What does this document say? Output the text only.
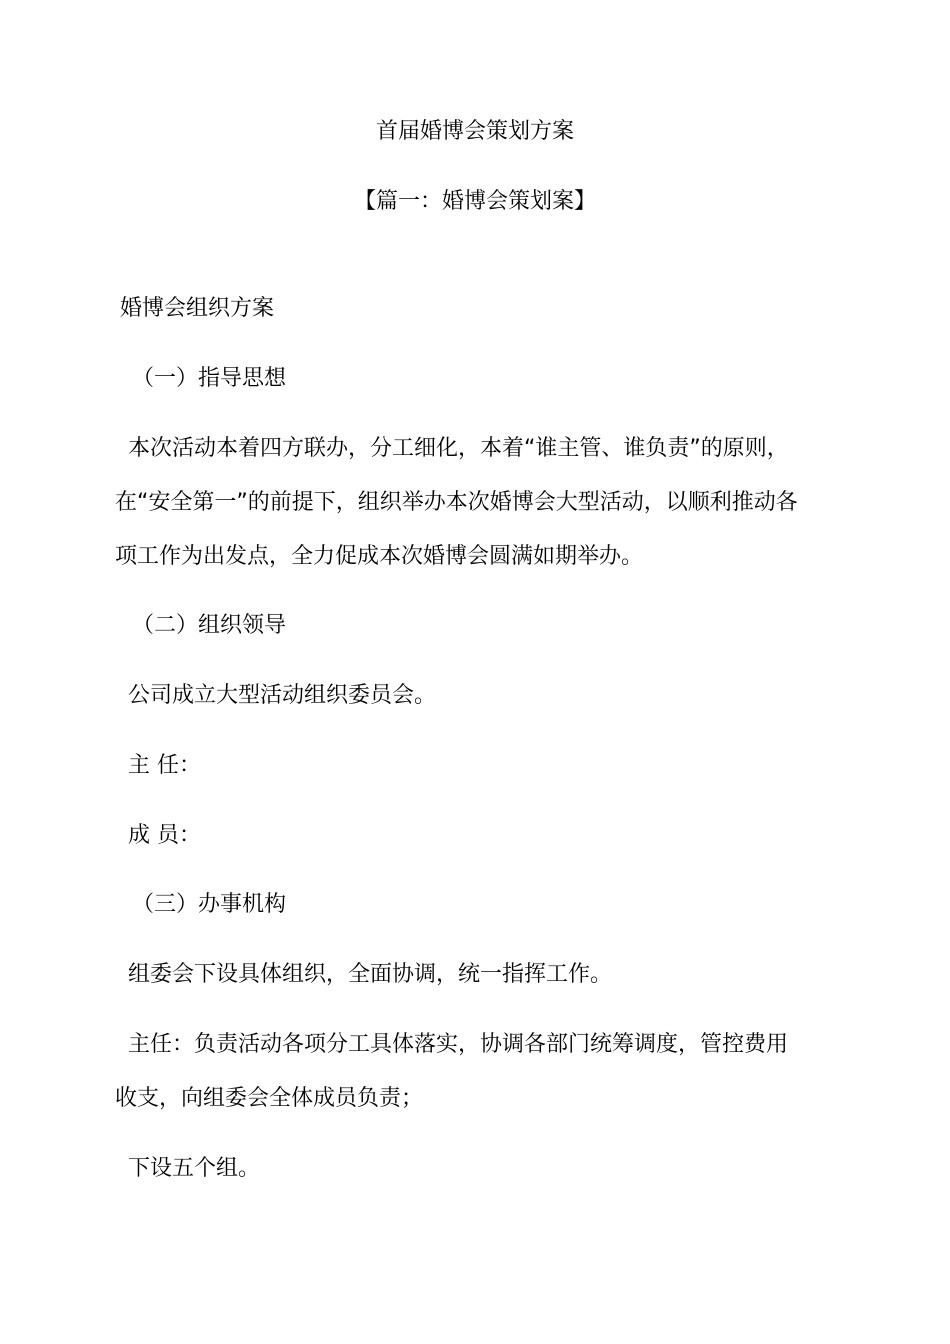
首届婚博会策划方案
【篇一：婚博会策划案】
婚博会组织方案
（一）指导思想
本次活动本着四方联办，分工细化，本着“谁主管、谁负责”的原则，
在“安全第一”的前提下，组织举办本次婚博会大型活动，以顺利推动各
项工作为出发点，全力促成本次婚博会圆满如期举办。
（二）组织领导
公司成立大型活动组织委员会。
主 任：
成 员：
（三）办事机构
组委会下设具体组织，全面协调，统一指挥工作。
主任：负责活动各项分工具体落实，协调各部门统筹调度，管控费用
收支，向组委会全体成员负责；
下设五个组。
